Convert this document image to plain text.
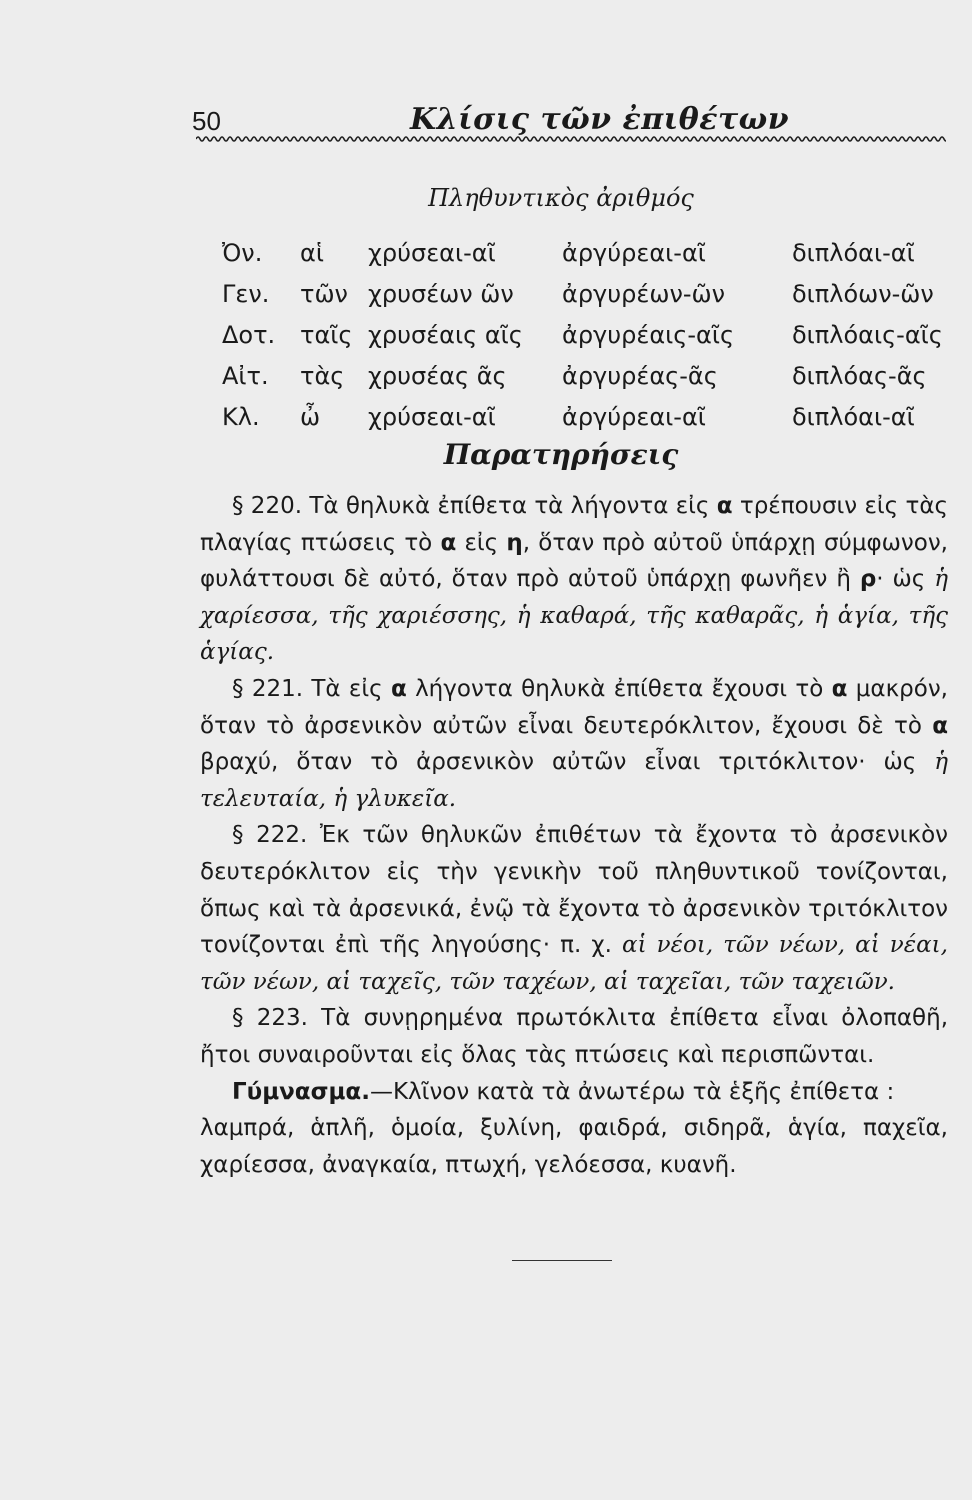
50	Κλίσις τῶν ἐπιθέτων
Πληθυντικὸς ἀριθμός
Ὀν.	αἱ	χρύσεαι-αῖ	ἀργύρεαι-αῖ	διπλόαι-αῖ
Γεν.	τῶν	χρυσέων ῶν	ἀργυρέων-ῶν	διπλόων-ῶν
Δοτ.	ταῖς	χρυσέαις αῖς	ἀργυρέαις-αῖς	διπλόαις-αῖς
Αἰτ.	τὰς	χρυσέας ᾶς	ἀργυρέας-ᾶς	διπλόας-ᾶς
Κλ.	ὦ	χρύσεαι-αῖ	ἀργύρεαι-αῖ	διπλόαι-αῖ
Παρατηρήσεις

§ 220. Τὰ θηλυκὰ ἐπίθετα τὰ λήγοντα εἰς α τρέπουσιν εἰς τὰς πλαγίας πτώσεις τὸ α εἰς η, ὅταν πρὸ αὐτοῦ ὑπάρχῃ σύμφωνον, φυλάττουσι δὲ αὐτό, ὅταν πρὸ αὐτοῦ ὑπάρχῃ φωνῆεν ἢ ρ· ὡς ἡ χαρίεσσα, τῆς χαριέσσης, ἡ καθαρά, τῆς καθαρᾶς, ἡ ἁγία, τῆς ἁγίας.

§ 221. Τὰ εἰς α λήγοντα θηλυκὰ ἐπίθετα ἔχουσι τὸ α μακρόν, ὅταν τὸ ἀρσενικὸν αὐτῶν εἶναι δευτερόκλιτον, ἔχουσι δὲ τὸ α βραχύ, ὅταν τὸ ἀρσενικὸν αὐτῶν εἶναι τριτόκλιτον· ὡς ἡ τελευταία, ἡ γλυκεῖα.

§ 222. Ἐκ τῶν θηλυκῶν ἐπιθέτων τὰ ἔχοντα τὸ ἀρσενικὸν δευτερόκλιτον εἰς τὴν γενικὴν τοῦ πληθυντικοῦ τονίζονται, ὅπως καὶ τὰ ἀρσενικά, ἐνῷ τὰ ἔχοντα τὸ ἀρσενικὸν τριτόκλιτον τονίζονται ἐπὶ τῆς ληγούσης· π. χ. αἱ νέοι, τῶν νέων, αἱ νέαι, τῶν νέων, αἱ ταχεῖς, τῶν ταχέων, αἱ ταχεῖαι, τῶν ταχειῶν.

§ 223. Τὰ συνῃρημένα πρωτόκλιτα ἐπίθετα εἶναι ὀλοπαθῆ, ἤτοι συναιροῦνται εἰς ὅλας τὰς πτώσεις καὶ περισπῶνται.

Γύμνασμα.—Κλῖνον κατὰ τὰ ἀνωτέρω τὰ ἑξῆς ἐπίθετα :
λαμπρά, ἁπλῆ, ὁμοία, ξυλίνη, φαιδρά, σιδηρᾶ, ἁγία, παχεῖα, χαρίεσσα, ἀναγκαία, πτωχή, γελόεσσα, κυανῆ.
